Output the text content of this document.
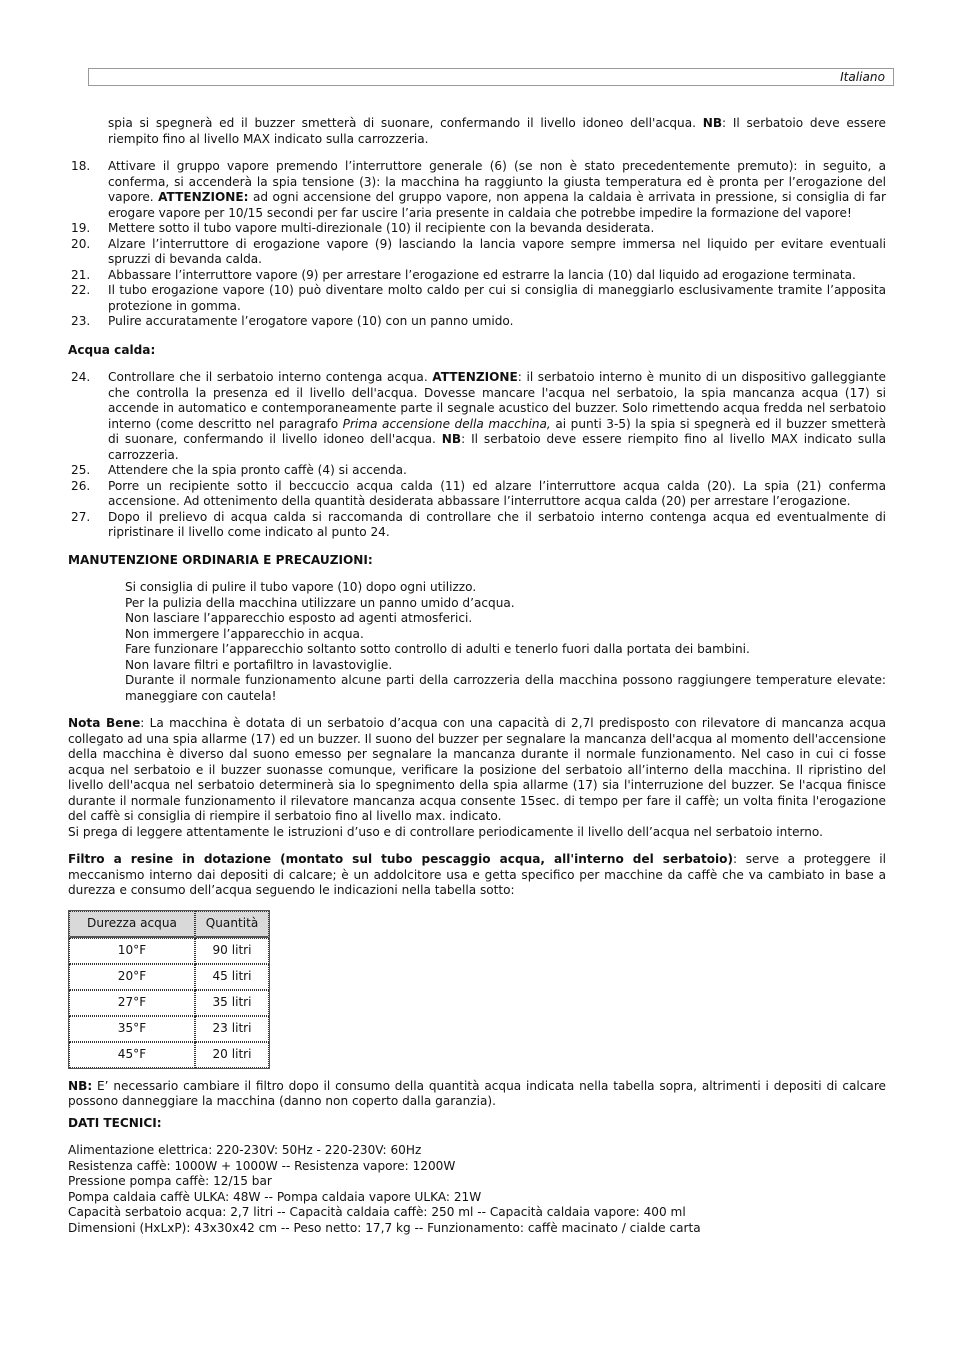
Italiano

spia si spegnerà ed il buzzer smetterà di suonare, confermando il livello idoneo dell'acqua. NB: Il serbatoio deve essere riempito fino al livello MAX indicato sulla carrozzeria.

18. Attivare il gruppo vapore premendo l’interruttore generale (6) (se non è stato precedentemente premuto): in seguito, a conferma, si accenderà la spia tensione (3): la macchina ha raggiunto la giusta temperatura ed è pronta per l’erogazione del vapore. ATTENZIONE: ad ogni accensione del gruppo vapore, non appena la caldaia è arrivata in pressione, si consiglia di far erogare vapore per 10/15 secondi per far uscire l’aria presente in caldaia che potrebbe impedire la formazione del vapore!

19. Mettere sotto il tubo vapore multi-direzionale (10) il recipiente con la bevanda desiderata.

20. Alzare l’interruttore di erogazione vapore (9) lasciando la lancia vapore sempre immersa nel liquido per evitare eventuali spruzzi di bevanda calda.

21. Abbassare l’interruttore vapore (9) per arrestare l’erogazione ed estrarre la lancia (10) dal liquido ad erogazione terminata.

22. Il tubo erogazione vapore (10) può diventare molto caldo per cui si consiglia di maneggiarlo esclusivamente tramite l’apposita protezione in gomma.

23. Pulire accuratamente l’erogatore vapore (10) con un panno umido.

Acqua calda:

24. Controllare che il serbatoio interno contenga acqua. ATTENZIONE: il serbatoio interno è munito di un dispositivo galleggiante che controlla la presenza ed il livello dell'acqua. Dovesse mancare l'acqua nel serbatoio, la spia mancanza acqua (17) si accende in automatico e contemporaneamente parte il segnale acustico del buzzer. Solo rimettendo acqua fredda nel serbatoio interno (come descritto nel paragrafo Prima accensione della macchina, ai punti 3-5) la spia si spegnerà ed il buzzer smetterà di suonare, confermando il livello idoneo dell'acqua. NB: Il serbatoio deve essere riempito fino al livello MAX indicato sulla carrozzeria.

25. Attendere che la spia pronto caffè (4) si accenda.

26. Porre un recipiente sotto il beccuccio acqua calda (11) ed alzare l’interruttore acqua calda (20). La spia (21) conferma accensione. Ad ottenimento della quantità desiderata abbassare l’interruttore acqua calda (20) per arrestare l’erogazione.

27. Dopo il prelievo di acqua calda si raccomanda di controllare che il serbatoio interno contenga acqua ed eventualmente di ripristinare il livello come indicato al punto 24.

MANUTENZIONE ORDINARIA E PRECAUZIONI:
Si consiglia di pulire il tubo vapore (10) dopo ogni utilizzo.
Per la pulizia della macchina utilizzare un panno umido d’acqua.
Non lasciare l’apparecchio esposto ad agenti atmosferici.
Non immergere l’apparecchio in acqua.
Fare funzionare l’apparecchio soltanto sotto controllo di adulti e tenerlo fuori dalla portata dei bambini.
Non lavare filtri e portafiltro in lavastoviglie.
Durante il normale funzionamento alcune parti della carrozzeria della macchina possono raggiungere temperature elevate: maneggiare con cautela!

Nota Bene: La macchina è dotata di un serbatoio d’acqua con una capacità di 2,7l predisposto con rilevatore di mancanza acqua collegato ad una spia allarme (17) ed un buzzer. Il suono del buzzer per segnalare la mancanza dell'acqua al momento dell'accensione della macchina è diverso dal suono emesso per segnalare la mancanza durante il normale funzionamento. Nel caso in cui ci fosse acqua nel serbatoio e il buzzer suonasse comunque, verificare la posizione del serbatoio all’interno della macchina. Il ripristino del livello dell'acqua nel serbatoio determinerà sia lo spegnimento della spia allarme (17) sia l'interruzione del buzzer. Se l'acqua finisce durante il normale funzionamento il rilevatore mancanza acqua consente 15sec. di tempo per fare il caffè; un volta finita l'erogazione del caffè si consiglia di riempire il serbatoio fino al livello max. indicato.

Si prega di leggere attentamente le istruzioni d’uso e di controllare periodicamente il livello dell’acqua nel serbatoio interno.

Filtro a resine in dotazione (montato sul tubo pescaggio acqua, all'interno del serbatoio): serve a proteggere il meccanismo interno dai depositi di calcare; è un addolcitore usa e getta specifico per macchine da caffè che va cambiato in base a durezza e consumo dell’acqua seguendo le indicazioni nella tabella sotto:

Durezza acqua	Quantità
10°F	90 litri
20°F	45 litri
27°F	35 litri
35°F	23 litri
45°F	20 litri

NB: E’ necessario cambiare il filtro dopo il consumo della quantità acqua indicata nella tabella sopra, altrimenti i depositi di calcare possono danneggiare la macchina (danno non coperto dalla garanzia).

DATI TECNICI:

Alimentazione elettrica: 220-230V: 50Hz - 220-230V: 60Hz

Resistenza caffè: 1000W + 1000W -- Resistenza vapore: 1200W

Pressione pompa caffè: 12/15 bar

Pompa caldaia caffè ULKA: 48W -- Pompa caldaia vapore ULKA: 21W

Capacità serbatoio acqua: 2,7 litri -- Capacità caldaia caffè: 250 ml -- Capacità caldaia vapore: 400 ml

Dimensioni (HxLxP): 43x30x42 cm -- Peso netto: 17,7 kg -- Funzionamento: caffè macinato / cialde carta
